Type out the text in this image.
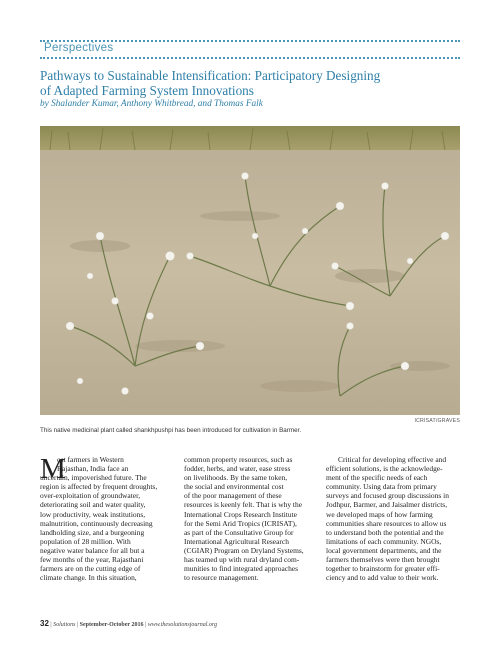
Perspectives
Pathways to Sustainable Intensification: Participatory Designing
of Adapted Farming System Innovations
by Shalander Kumar, Anthony Whitbread, and Thomas Falk
ICRISAT/GRAVES
This native medicinal plant called shankhpushpi has been introduced for cultivation in Barmer.
M
ost farmers in Western
Rajasthan, India face an
uncertain, impoverished future. The
region is affected by frequent droughts,
over-exploitation of groundwater,
deteriorating soil and water quality,
low productivity, weak institutions,
malnutrition, continuously decreasing
landholding size, and a burgeoning
population of 28 million. With
negative water balance for all but a
few months of the year, Rajasthani
farmers are on the cutting edge of
climate change. In this situation,
common property resources, such as
fodder, herbs, and water, ease stress
on livelihoods. By the same token,
the social and environmental cost
of the poor management of these
resources is keenly felt. That is why the
International Crops Research Institute
for the Semi Arid Tropics (ICRISAT),
as part of the Consultative Group for
International Agricultural Research
(CGIAR) Program on Dryland Systems,
has teamed up with rural dryland com-
munities to find integrated approaches
to resource management.
Critical for developing effective and
efficient solutions, is the acknowledge-
ment of the specific needs of each
community. Using data from primary
surveys and focused group discussions in
Jodhpur, Barmer, and Jaisalmer districts,
we developed maps of how farming
communities share resources to allow us
to understand both the potential and the
limitations of each community. NGOs,
local government departments, and the
farmers themselves were then brought
together to brainstorm for greater effi-
ciency and to add value to their work.
32 | Solutions | September-October 2016 | www.thesolutionsjournal.org
